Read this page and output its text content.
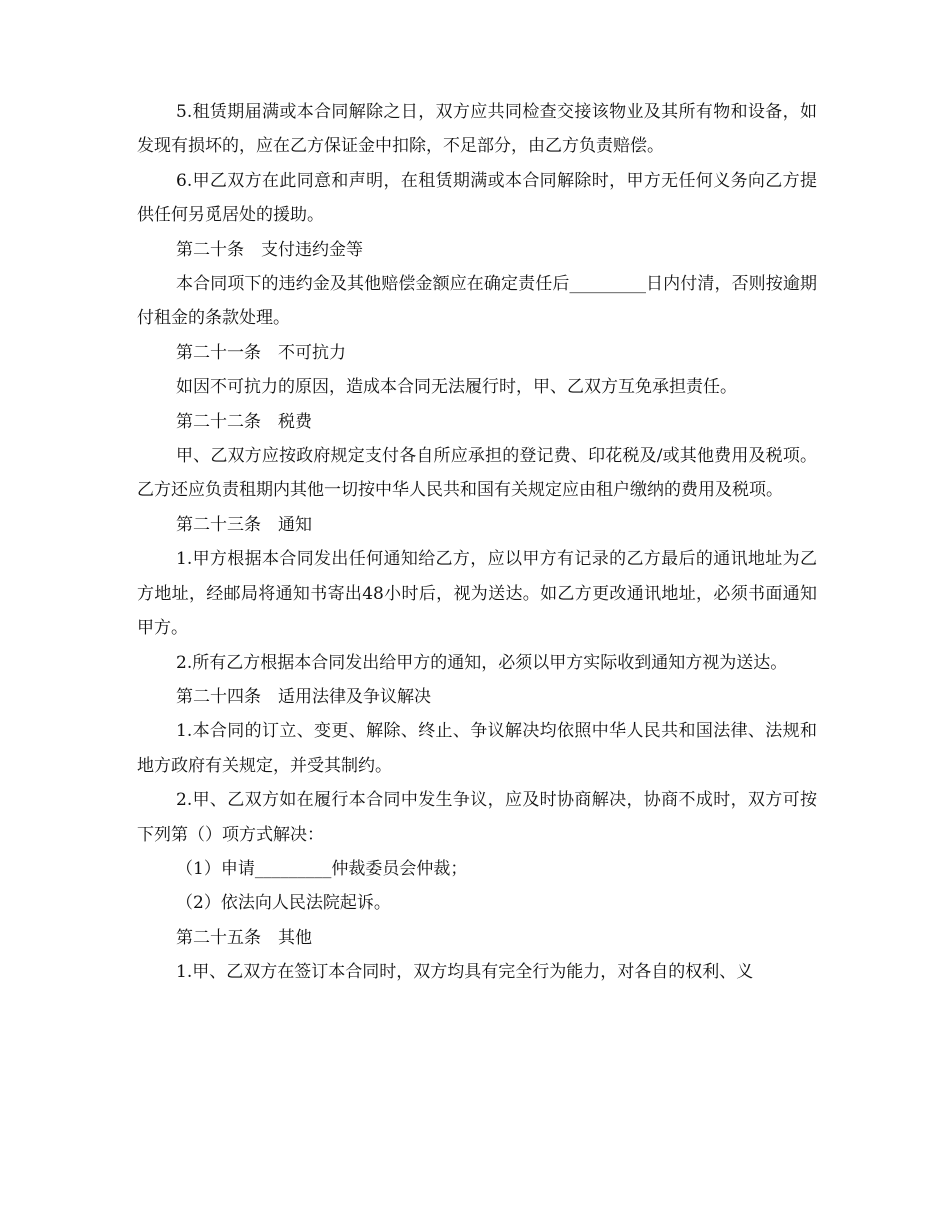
5.租赁期届满或本合同解除之日，双方应共同检查交接该物业及其所有物和设备，如发现有损坏的，应在乙方保证金中扣除，不足部分，由乙方负责赔偿。

6.甲乙双方在此同意和声明，在租赁期满或本合同解除时，甲方无任何义务向乙方提供任何另觅居处的援助。

第二十条　支付违约金等

本合同项下的违约金及其他赔偿金额应在确定责任后_________日内付清，否则按逾期付租金的条款处理。

第二十一条　不可抗力

如因不可抗力的原因，造成本合同无法履行时，甲、乙双方互免承担责任。

第二十二条　税费

甲、乙双方应按政府规定支付各自所应承担的登记费、印花税及/或其他费用及税项。乙方还应负责租期内其他一切按中华人民共和国有关规定应由租户缴纳的费用及税项。

第二十三条　通知

1.甲方根据本合同发出任何通知给乙方，应以甲方有记录的乙方最后的通讯地址为乙方地址，经邮局将通知书寄出48小时后，视为送达。如乙方更改通讯地址，必须书面通知甲方。

2.所有乙方根据本合同发出给甲方的通知，必须以甲方实际收到通知方视为送达。

第二十四条　适用法律及争议解决

1.本合同的订立、变更、解除、终止、争议解决均依照中华人民共和国法律、法规和地方政府有关规定，并受其制约。

2.甲、乙双方如在履行本合同中发生争议，应及时协商解决，协商不成时，双方可按下列第（）项方式解决：

（1）申请_________仲裁委员会仲裁；

（2）依法向人民法院起诉。

第二十五条　其他

1.甲、乙双方在签订本合同时，双方均具有完全行为能力，对各自的权利、义
